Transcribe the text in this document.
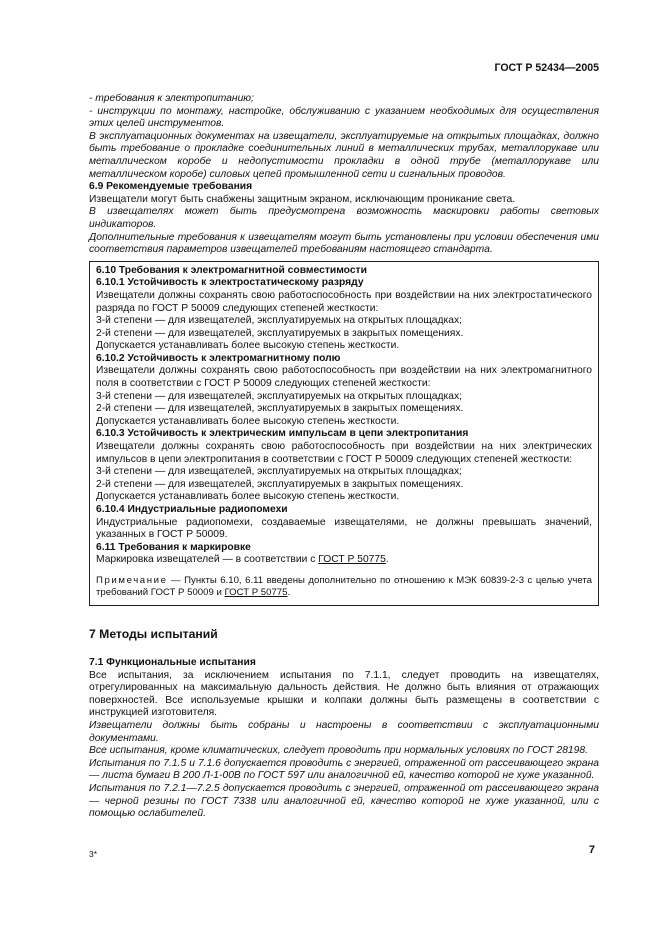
ГОСТ Р 52434—2005

- требования к электропитанию;

- инструкции по монтажу, настройке, обслуживанию с указанием необходимых для осуществления этих целей инструментов.

В эксплуатационных документах на извещатели, эксплуатируемые на открытых площадках, должно быть требование о прокладке соединительных линий в металлических трубах, металлорукаве или металлическом коробе и недопустимости прокладки в одной трубе (металлорукаве или металлическом коробе) силовых цепей промышленной сети и сигнальных проводов.

6.9 Рекомендуемые требования

Извещатели могут быть снабжены защитным экраном, исключающим проникание света.

В извещателях может быть предусмотрена возможность маскировки работы световых индикаторов.

Дополнительные требования к извещателям могут быть установлены при условии обеспечения ими соответствия параметров извещателей требованиям настоящего стандарта.

6.10 Требования к электромагнитной совместимости

6.10.1 Устойчивость к электростатическому разряду

Извещатели должны сохранять свою работоспособность при воздействии на них электростатического разряда по ГОСТ Р 50009 следующих степеней жесткости:

3-й степени — для извещателей, эксплуатируемых на открытых площадках;

2-й степени — для извещателей, эксплуатируемых в закрытых помещениях.

Допускается устанавливать более высокую степень жесткости.

6.10.2 Устойчивость к электромагнитному полю

Извещатели должны сохранять свою работоспособность при воздействии на них электромагнитного поля в соответствии с ГОСТ Р 50009 следующих степеней жесткости:

3-й степени — для извещателей, эксплуатируемых на открытых площадках;

2-й степени — для извещателей, эксплуатируемых в закрытых помещениях.

Допускается устанавливать более высокую степень жесткости.

6.10.3 Устойчивость к электрическим импульсам в цепи электропитания

Извещатели должны сохранять свою работоспособность при воздействии на них электрических импульсов в цепи электропитания в соответствии с ГОСТ Р 50009 следующих степеней жесткости:

3-й степени — для извещателей, эксплуатируемых на открытых площадках;

2-й степени — для извещателей, эксплуатируемых в закрытых помещениях.

Допускается устанавливать более высокую степень жесткости.

6.10.4 Индустриальные радиопомехи

Индустриальные радиопомехи, создаваемые извещателями, не должны превышать значений, указанных в ГОСТ Р 50009.

6.11 Требования к маркировке

Маркировка извещателей — в соответствии с ГОСТ Р 50775.

Примечание — Пункты 6.10, 6.11 введены дополнительно по отношению к МЭК 60839-2-3 с целью учета требований ГОСТ Р 50009 и ГОСТ Р 50775.

7 Методы испытаний

7.1 Функциональные испытания

Все испытания, за исключением испытания по 7.1.1, следует проводить на извещателях, отрегулированных на максимальную дальность действия. Не должно быть влияния от отражающих поверхностей. Все используемые крышки и колпаки должны быть размещены в соответствии с инструкцией изготовителя.

Извещатели должны быть собраны и настроены в соответствии с эксплуатационными документами.

Все испытания, кроме климатических, следует проводить при нормальных условиях по ГОСТ 28198.

Испытания по 7.1.5 и 7.1.6 допускается проводить с энергией, отраженной от рассеивающего экрана — листа бумаги В 200 Л-1-00В по ГОСТ 597 или аналогичной ей, качество которой не хуже указанной.

Испытания по 7.2.1—7.2.5 допускается проводить с энергией, отраженной от рассеивающего экрана — черной резины по ГОСТ 7338 или аналогичной ей, качество которой не хуже указанной, или с помощью ослабителей.

3*	7
